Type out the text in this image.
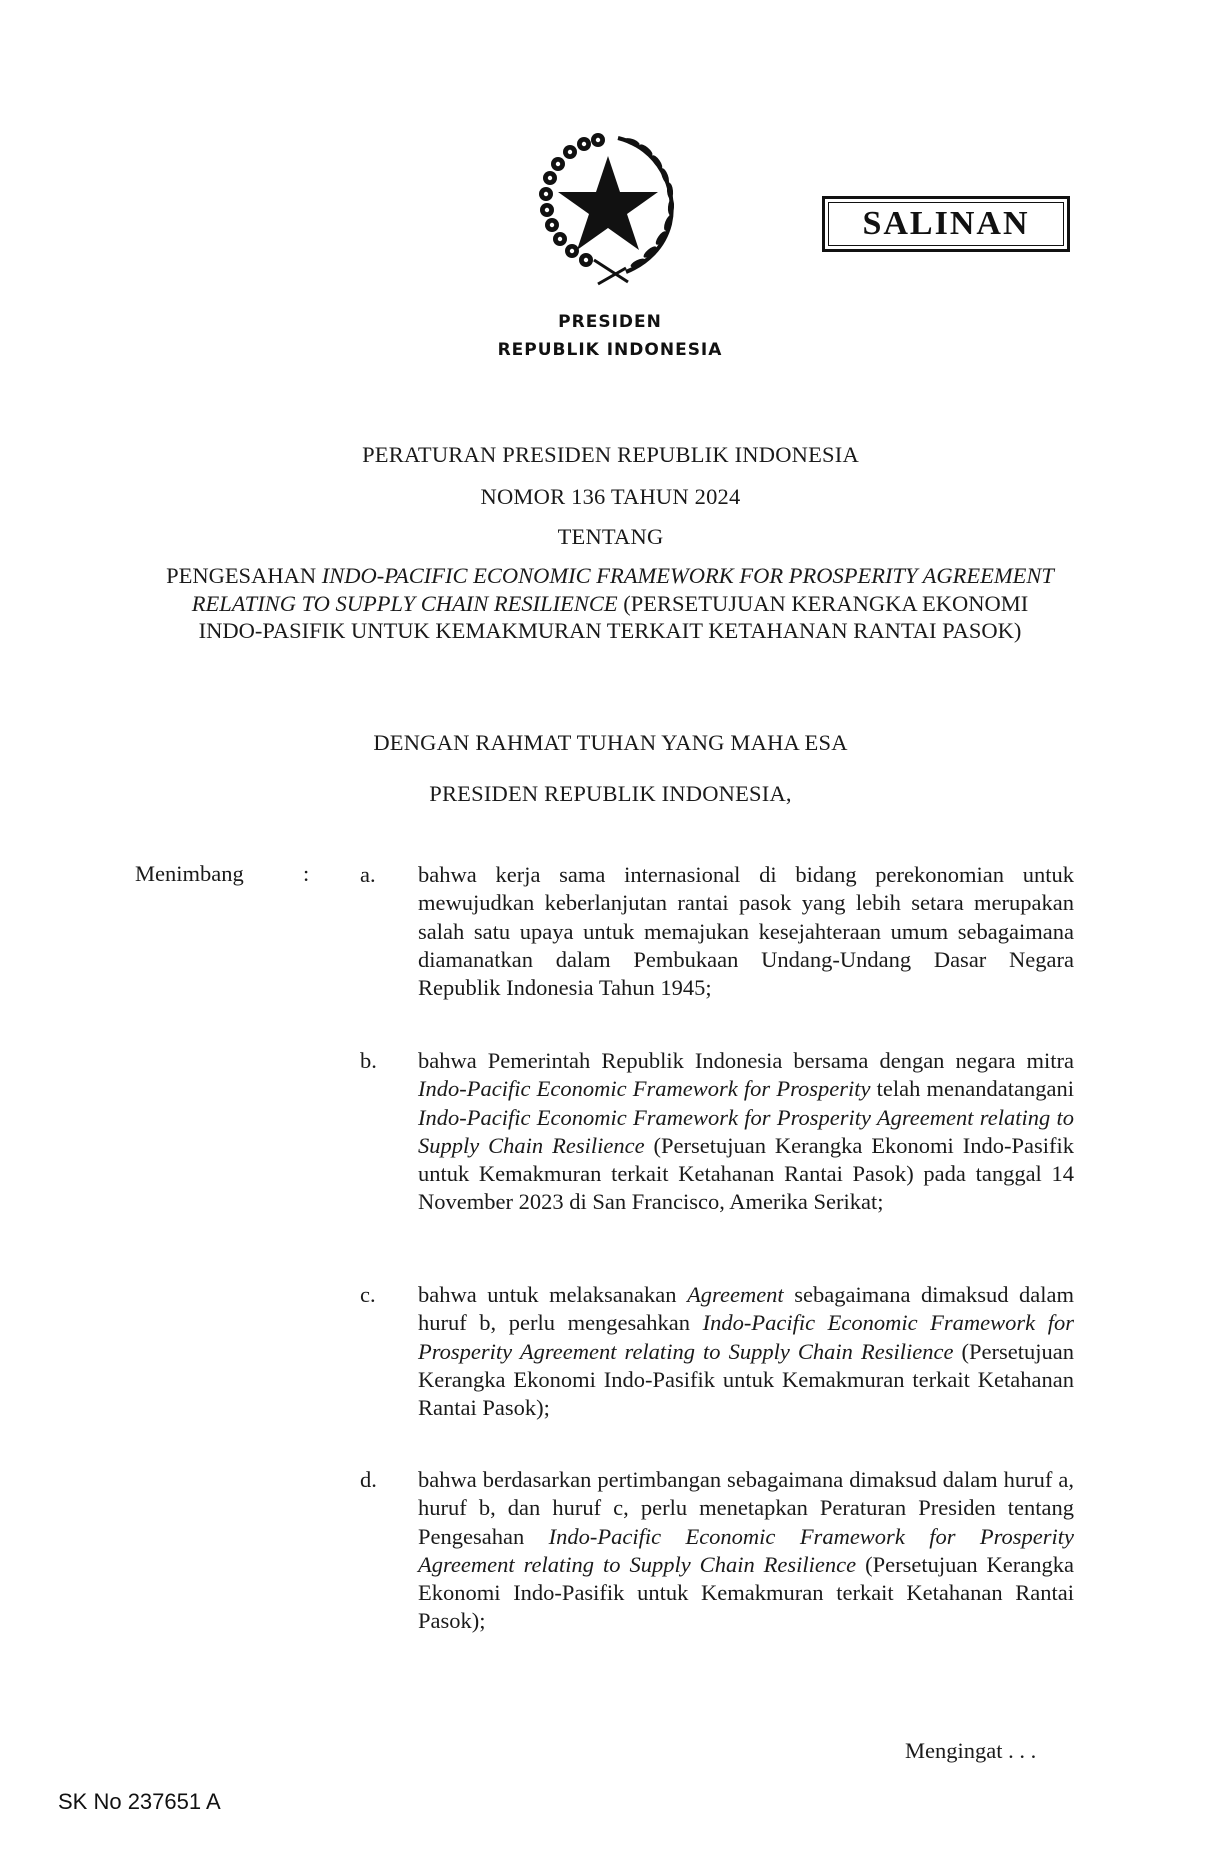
PRESIDEN
REPUBLIK INDONESIA
SALINAN
PERATURAN PRESIDEN REPUBLIK INDONESIA
NOMOR 136 TAHUN 2024
TENTANG
PENGESAHAN INDO-PACIFIC ECONOMIC FRAMEWORK FOR PROSPERITY AGREEMENT RELATING TO SUPPLY CHAIN RESILIENCE (PERSETUJUAN KERANGKA EKONOMI INDO-PASIFIK UNTUK KEMAKMURAN TERKAIT KETAHANAN RANTAI PASOK)
DENGAN RAHMAT TUHAN YANG MAHA ESA
PRESIDEN REPUBLIK INDONESIA,
Menimbang	: a.	bahwa kerja sama internasional di bidang perekonomian untuk mewujudkan keberlanjutan rantai pasok yang lebih setara merupakan salah satu upaya untuk memajukan kesejahteraan umum sebagaimana diamanatkan dalam Pembukaan Undang-Undang Dasar Negara Republik Indonesia Tahun 1945;
b.	bahwa Pemerintah Republik Indonesia bersama dengan negara mitra Indo-Pacific Economic Framework for Prosperity telah menandatangani Indo-Pacific Economic Framework for Prosperity Agreement relating to Supply Chain Resilience (Persetujuan Kerangka Ekonomi Indo-Pasifik untuk Kemakmuran terkait Ketahanan Rantai Pasok) pada tanggal 14 November 2023 di San Francisco, Amerika Serikat;
c.	bahwa untuk melaksanakan Agreement sebagaimana dimaksud dalam huruf b, perlu mengesahkan Indo-Pacific Economic Framework for Prosperity Agreement relating to Supply Chain Resilience (Persetujuan Kerangka Ekonomi Indo-Pasifik untuk Kemakmuran terkait Ketahanan Rantai Pasok);
d.	bahwa berdasarkan pertimbangan sebagaimana dimaksud dalam huruf a, huruf b, dan huruf c, perlu menetapkan Peraturan Presiden tentang Pengesahan Indo-Pacific Economic Framework for Prosperity Agreement relating to Supply Chain Resilience (Persetujuan Kerangka Ekonomi Indo-Pasifik untuk Kemakmuran terkait Ketahanan Rantai Pasok);
Mengingat . . .
SK No 237651 A
